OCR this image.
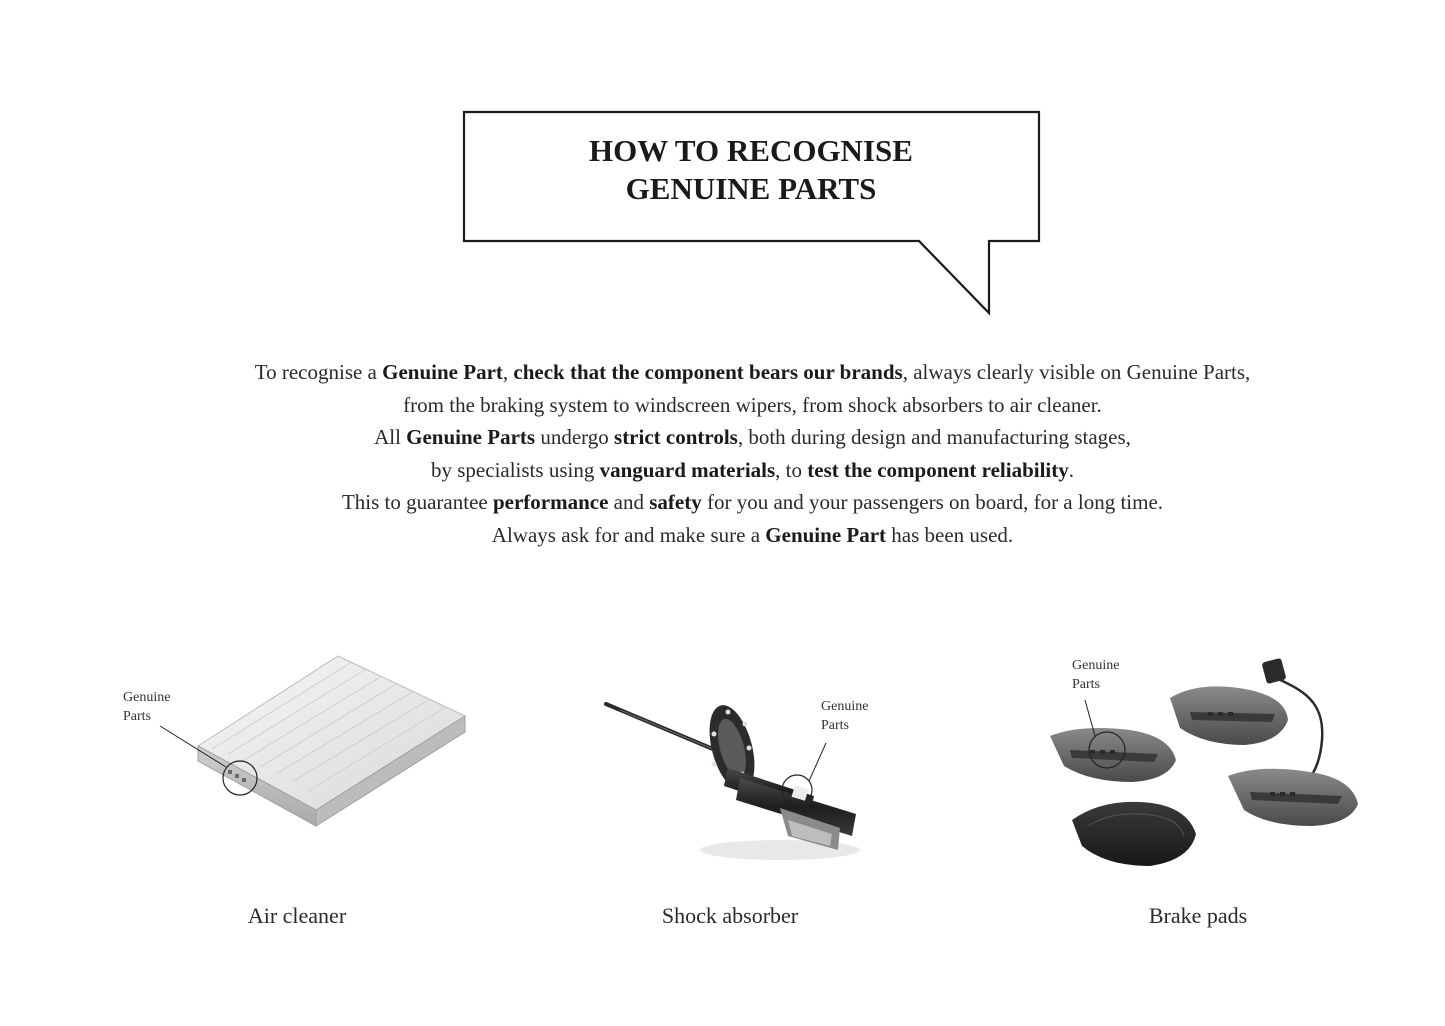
HOW TO RECOGNISE
GENUINE PARTS

To recognise a Genuine Part, check that the component bears our brands, always clearly visible on Genuine Parts,

from the braking system to windscreen wipers, from shock absorbers to air cleaner.

All Genuine Parts undergo strict controls, both during design and manufacturing stages,

by specialists using vanguard materials, to test the component reliability.

This to guarantee performance and safety for you and your passengers on board, for a long time.

Always ask for and make sure a Genuine Part has been used.

Genuine
Parts
Air cleaner
Genuine
Parts
Shock absorber
Genuine
Parts
Brake pads
